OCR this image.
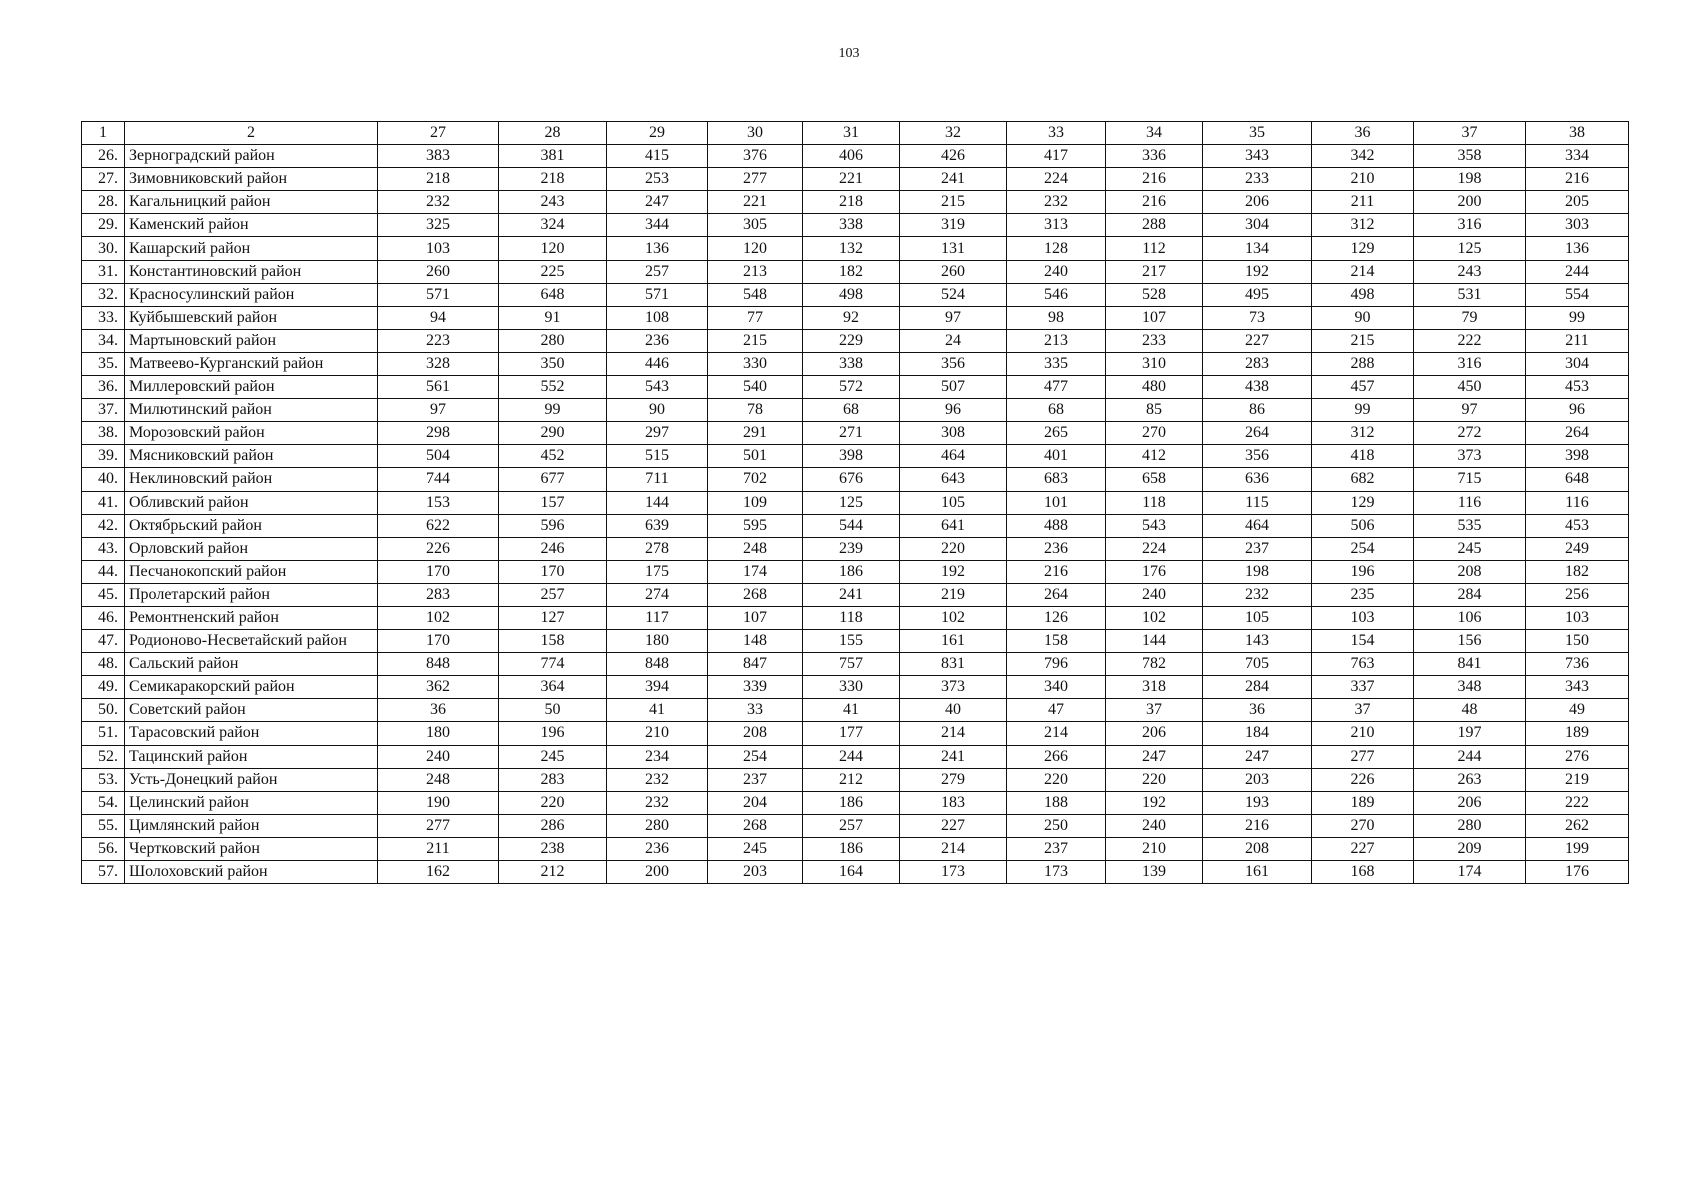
103
1	2	27	28	29	30	31	32	33	34	35	36	37	38
26.	Зерноградский район	383	381	415	376	406	426	417	336	343	342	358	334
27.	Зимовниковский район	218	218	253	277	221	241	224	216	233	210	198	216
28.	Кагальницкий район	232	243	247	221	218	215	232	216	206	211	200	205
29.	Каменский район	325	324	344	305	338	319	313	288	304	312	316	303
30.	Кашарский район	103	120	136	120	132	131	128	112	134	129	125	136
31.	Константиновский район	260	225	257	213	182	260	240	217	192	214	243	244
32.	Красносулинский район	571	648	571	548	498	524	546	528	495	498	531	554
33.	Куйбышевский район	94	91	108	77	92	97	98	107	73	90	79	99
34.	Мартыновский район	223	280	236	215	229	24	213	233	227	215	222	211
35.	Матвеево-Курганский район	328	350	446	330	338	356	335	310	283	288	316	304
36.	Миллеровский район	561	552	543	540	572	507	477	480	438	457	450	453
37.	Милютинский район	97	99	90	78	68	96	68	85	86	99	97	96
38.	Морозовский район	298	290	297	291	271	308	265	270	264	312	272	264
39.	Мясниковский район	504	452	515	501	398	464	401	412	356	418	373	398
40.	Неклиновский район	744	677	711	702	676	643	683	658	636	682	715	648
41.	Обливский район	153	157	144	109	125	105	101	118	115	129	116	116
42.	Октябрьский район	622	596	639	595	544	641	488	543	464	506	535	453
43.	Орловский район	226	246	278	248	239	220	236	224	237	254	245	249
44.	Песчанокопский район	170	170	175	174	186	192	216	176	198	196	208	182
45.	Пролетарский район	283	257	274	268	241	219	264	240	232	235	284	256
46.	Ремонтненский район	102	127	117	107	118	102	126	102	105	103	106	103
47.	Родионово-Несветайский район	170	158	180	148	155	161	158	144	143	154	156	150
48.	Сальский район	848	774	848	847	757	831	796	782	705	763	841	736
49.	Семикаракорский район	362	364	394	339	330	373	340	318	284	337	348	343
50.	Советский район	36	50	41	33	41	40	47	37	36	37	48	49
51.	Тарасовский район	180	196	210	208	177	214	214	206	184	210	197	189
52.	Тацинский район	240	245	234	254	244	241	266	247	247	277	244	276
53.	Усть-Донецкий район	248	283	232	237	212	279	220	220	203	226	263	219
54.	Целинский район	190	220	232	204	186	183	188	192	193	189	206	222
55.	Цимлянский район	277	286	280	268	257	227	250	240	216	270	280	262
56.	Чертковский район	211	238	236	245	186	214	237	210	208	227	209	199
57.	Шолоховский район	162	212	200	203	164	173	173	139	161	168	174	176
